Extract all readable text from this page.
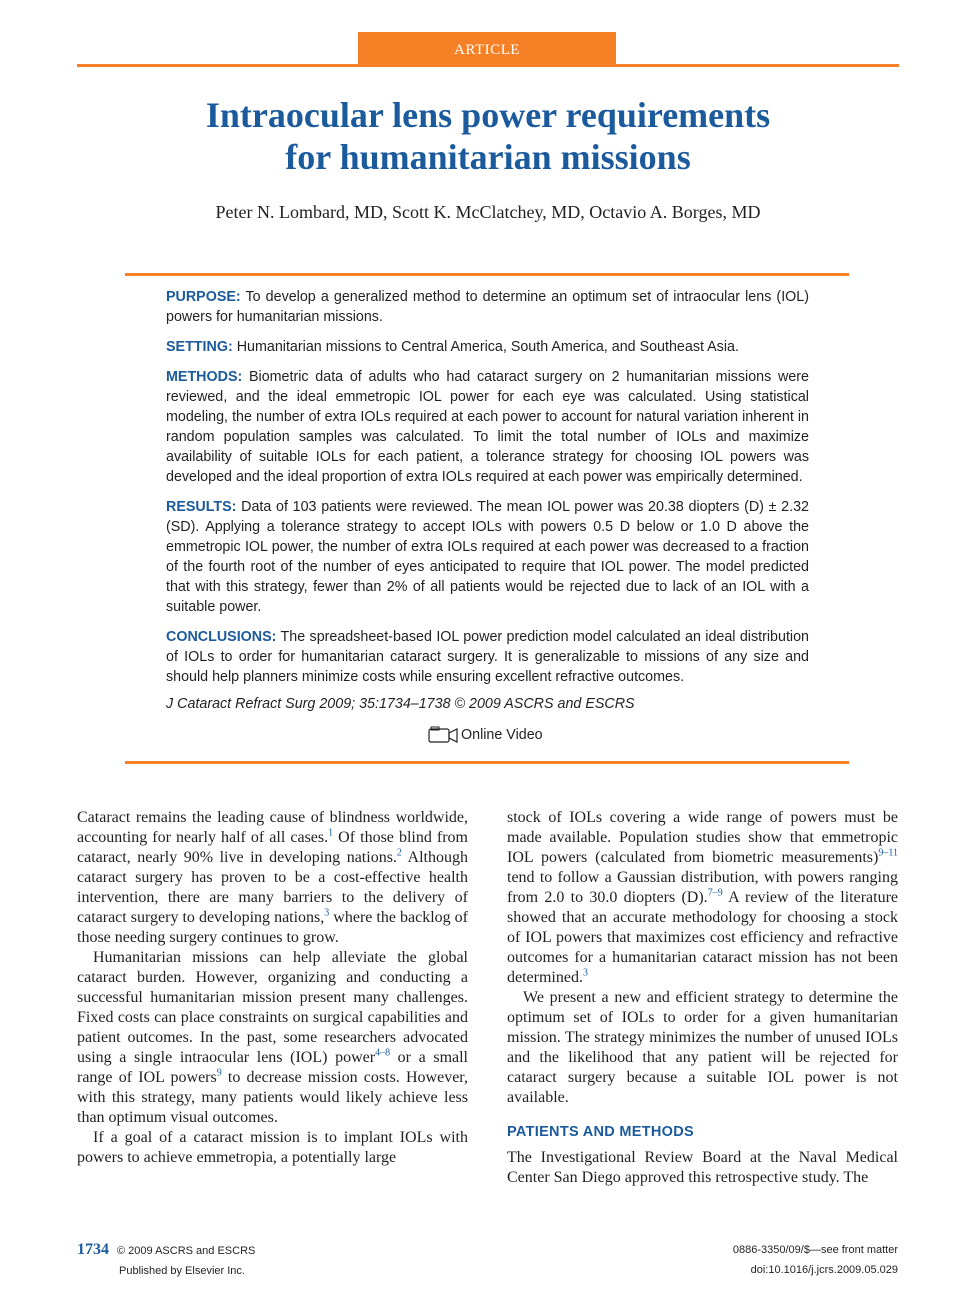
ARTICLE
Intraocular lens power requirements
for humanitarian missions
Peter N. Lombard, MD, Scott K. McClatchey, MD, Octavio A. Borges, MD

PURPOSE: To develop a generalized method to determine an optimum set of intraocular lens (IOL) powers for humanitarian missions.

SETTING: Humanitarian missions to Central America, South America, and Southeast Asia.

METHODS: Biometric data of adults who had cataract surgery on 2 humanitarian missions were reviewed, and the ideal emmetropic IOL power for each eye was calculated. Using statistical modeling, the number of extra IOLs required at each power to account for natural variation inherent in random population samples was calculated. To limit the total number of IOLs and maximize availability of suitable IOLs for each patient, a tolerance strategy for choosing IOL powers was developed and the ideal proportion of extra IOLs required at each power was empirically determined.

RESULTS: Data of 103 patients were reviewed. The mean IOL power was 20.38 diopters (D) ± 2.32 (SD). Applying a tolerance strategy to accept IOLs with powers 0.5 D below or 1.0 D above the emmetropic IOL power, the number of extra IOLs required at each power was decreased to a fraction of the fourth root of the number of eyes anticipated to require that IOL power. The model predicted that with this strategy, fewer than 2% of all patients would be rejected due to lack of an IOL with a suitable power.

CONCLUSIONS: The spreadsheet-based IOL power prediction model calculated an ideal distribution of IOLs to order for humanitarian cataract surgery. It is generalizable to missions of any size and should help planners minimize costs while ensuring excellent refractive outcomes.

J Cataract Refract Surg 2009; 35:1734–1738 © 2009 ASCRS and ESCRS
Online Video

Cataract remains the leading cause of blindness worldwide, accounting for nearly half of all cases.$^1$ Of those blind from cataract, nearly 90% live in developing nations.$^2$ Although cataract surgery has proven to be a cost-effective health intervention, there are many barriers to the delivery of cataract surgery to developing nations,$^3$ where the backlog of those needing surgery continues to grow.

Humanitarian missions can help alleviate the global cataract burden. However, organizing and conducting a successful humanitarian mission present many challenges. Fixed costs can place constraints on surgical capabilities and patient outcomes. In the past, some researchers advocated using a single intraocular lens (IOL) power$^{4-8}$ or a small range of IOL powers$^9$ to decrease mission costs. However, with this strategy, many patients would likely achieve less than optimum visual outcomes.

If a goal of a cataract mission is to implant IOLs with powers to achieve emmetropia, a potentially large

stock of IOLs covering a wide range of powers must be made available. Population studies show that emmetropic IOL powers (calculated from biometric measurements)$^{9-11}$ tend to follow a Gaussian distribution, with powers ranging from 2.0 to 30.0 diopters (D).$^{7-9}$ A review of the literature showed that an accurate methodology for choosing a stock of IOL powers that maximizes cost efficiency and refractive outcomes for a humanitarian cataract mission has not been determined.$^3$

We present a new and efficient strategy to determine the optimum set of IOLs to order for a given humanitarian mission. The strategy minimizes the number of unused IOLs and the likelihood that any patient will be rejected for cataract surgery because a suitable IOL power is not available.

PATIENTS AND METHODS

The Investigational Review Board at the Naval Medical Center San Diego approved this retrospective study. The

1734 © 2009 ASCRS and ESCRS
Published by Elsevier Inc.
0886-3350/09/$—see front matter
doi:10.1016/j.jcrs.2009.05.029
